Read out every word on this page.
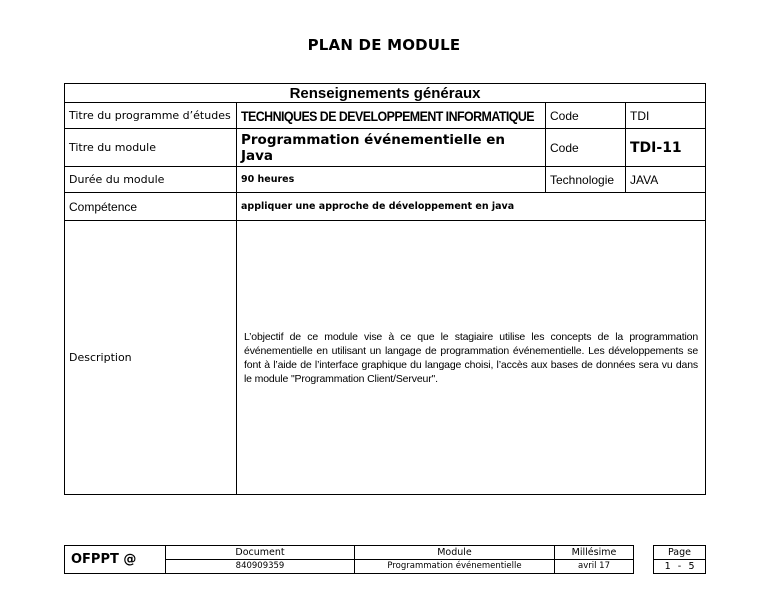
PLAN DE MODULE
Renseignements généraux			
Titre du programme d’études	TECHNIQUES DE DEVELOPPEMENT INFORMATIQUE	Code	TDI
Titre du module	Programmation événementielle en Java	Code	TDI-11
Durée du module	90 heures	Technologie	JAVA
Compétence	appliquer une approche de développement en java		
Description	L’objectif de ce module vise à ce que le stagiaire utilise les concepts de la programmation événementielle en utilisant un langage de programmation événementielle. Les développements se font à l’aide de l’interface graphique du langage choisi, l’accès aux bases de données sera vu dans le module "Programmation Client/Serveur".		
OFPPT @	Document	Module	Millésime		Page
	840909359	Programmation événementielle	avril 17		1 - 5
